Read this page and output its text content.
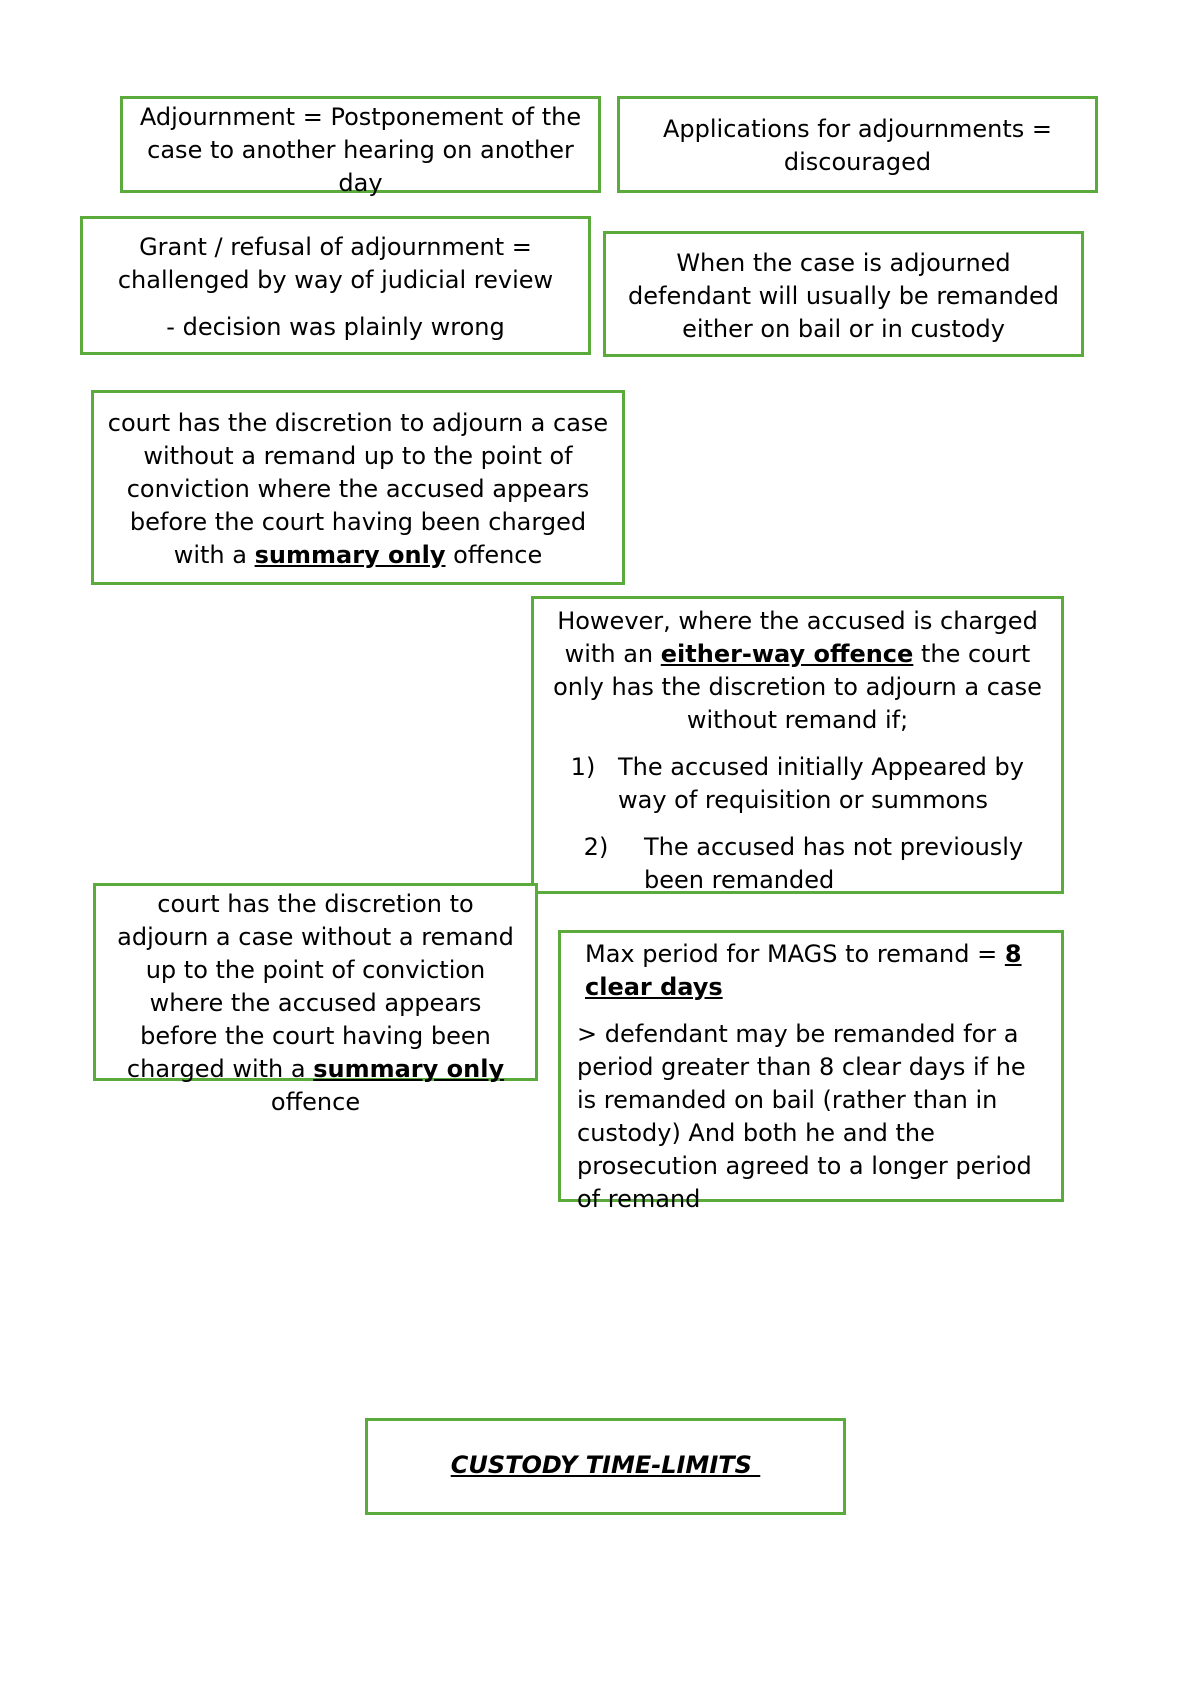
Adjournment = Postponement of the case to another hearing on another day

Applications for adjournments = discouraged

Grant / refusal of adjournment = challenged by way of judicial review

- decision was plainly wrong

When the case is adjourned defendant will usually be remanded either on bail or in custody

court has the discretion to adjourn a case without a remand up to the point of conviction where the accused appears before the court having been charged with a summary only offence

However, where the accused is charged with an either-way offence the court only has the discretion to adjourn a case without remand if;

1) The accused initially Appeared by way of requisition or summons

2)	The accused has not previously been remanded

court has the discretion to adjourn a case without a remand up to the point of conviction where the accused appears before the court having been charged with a summary only offence

Max period for MAGS to remand = 8 clear days

> defendant may be remanded for a period greater than 8 clear days if he is remanded on bail (rather than in custody) And both he and the prosecution agreed to a longer period of remand

CUSTODY TIME-LIMITS
